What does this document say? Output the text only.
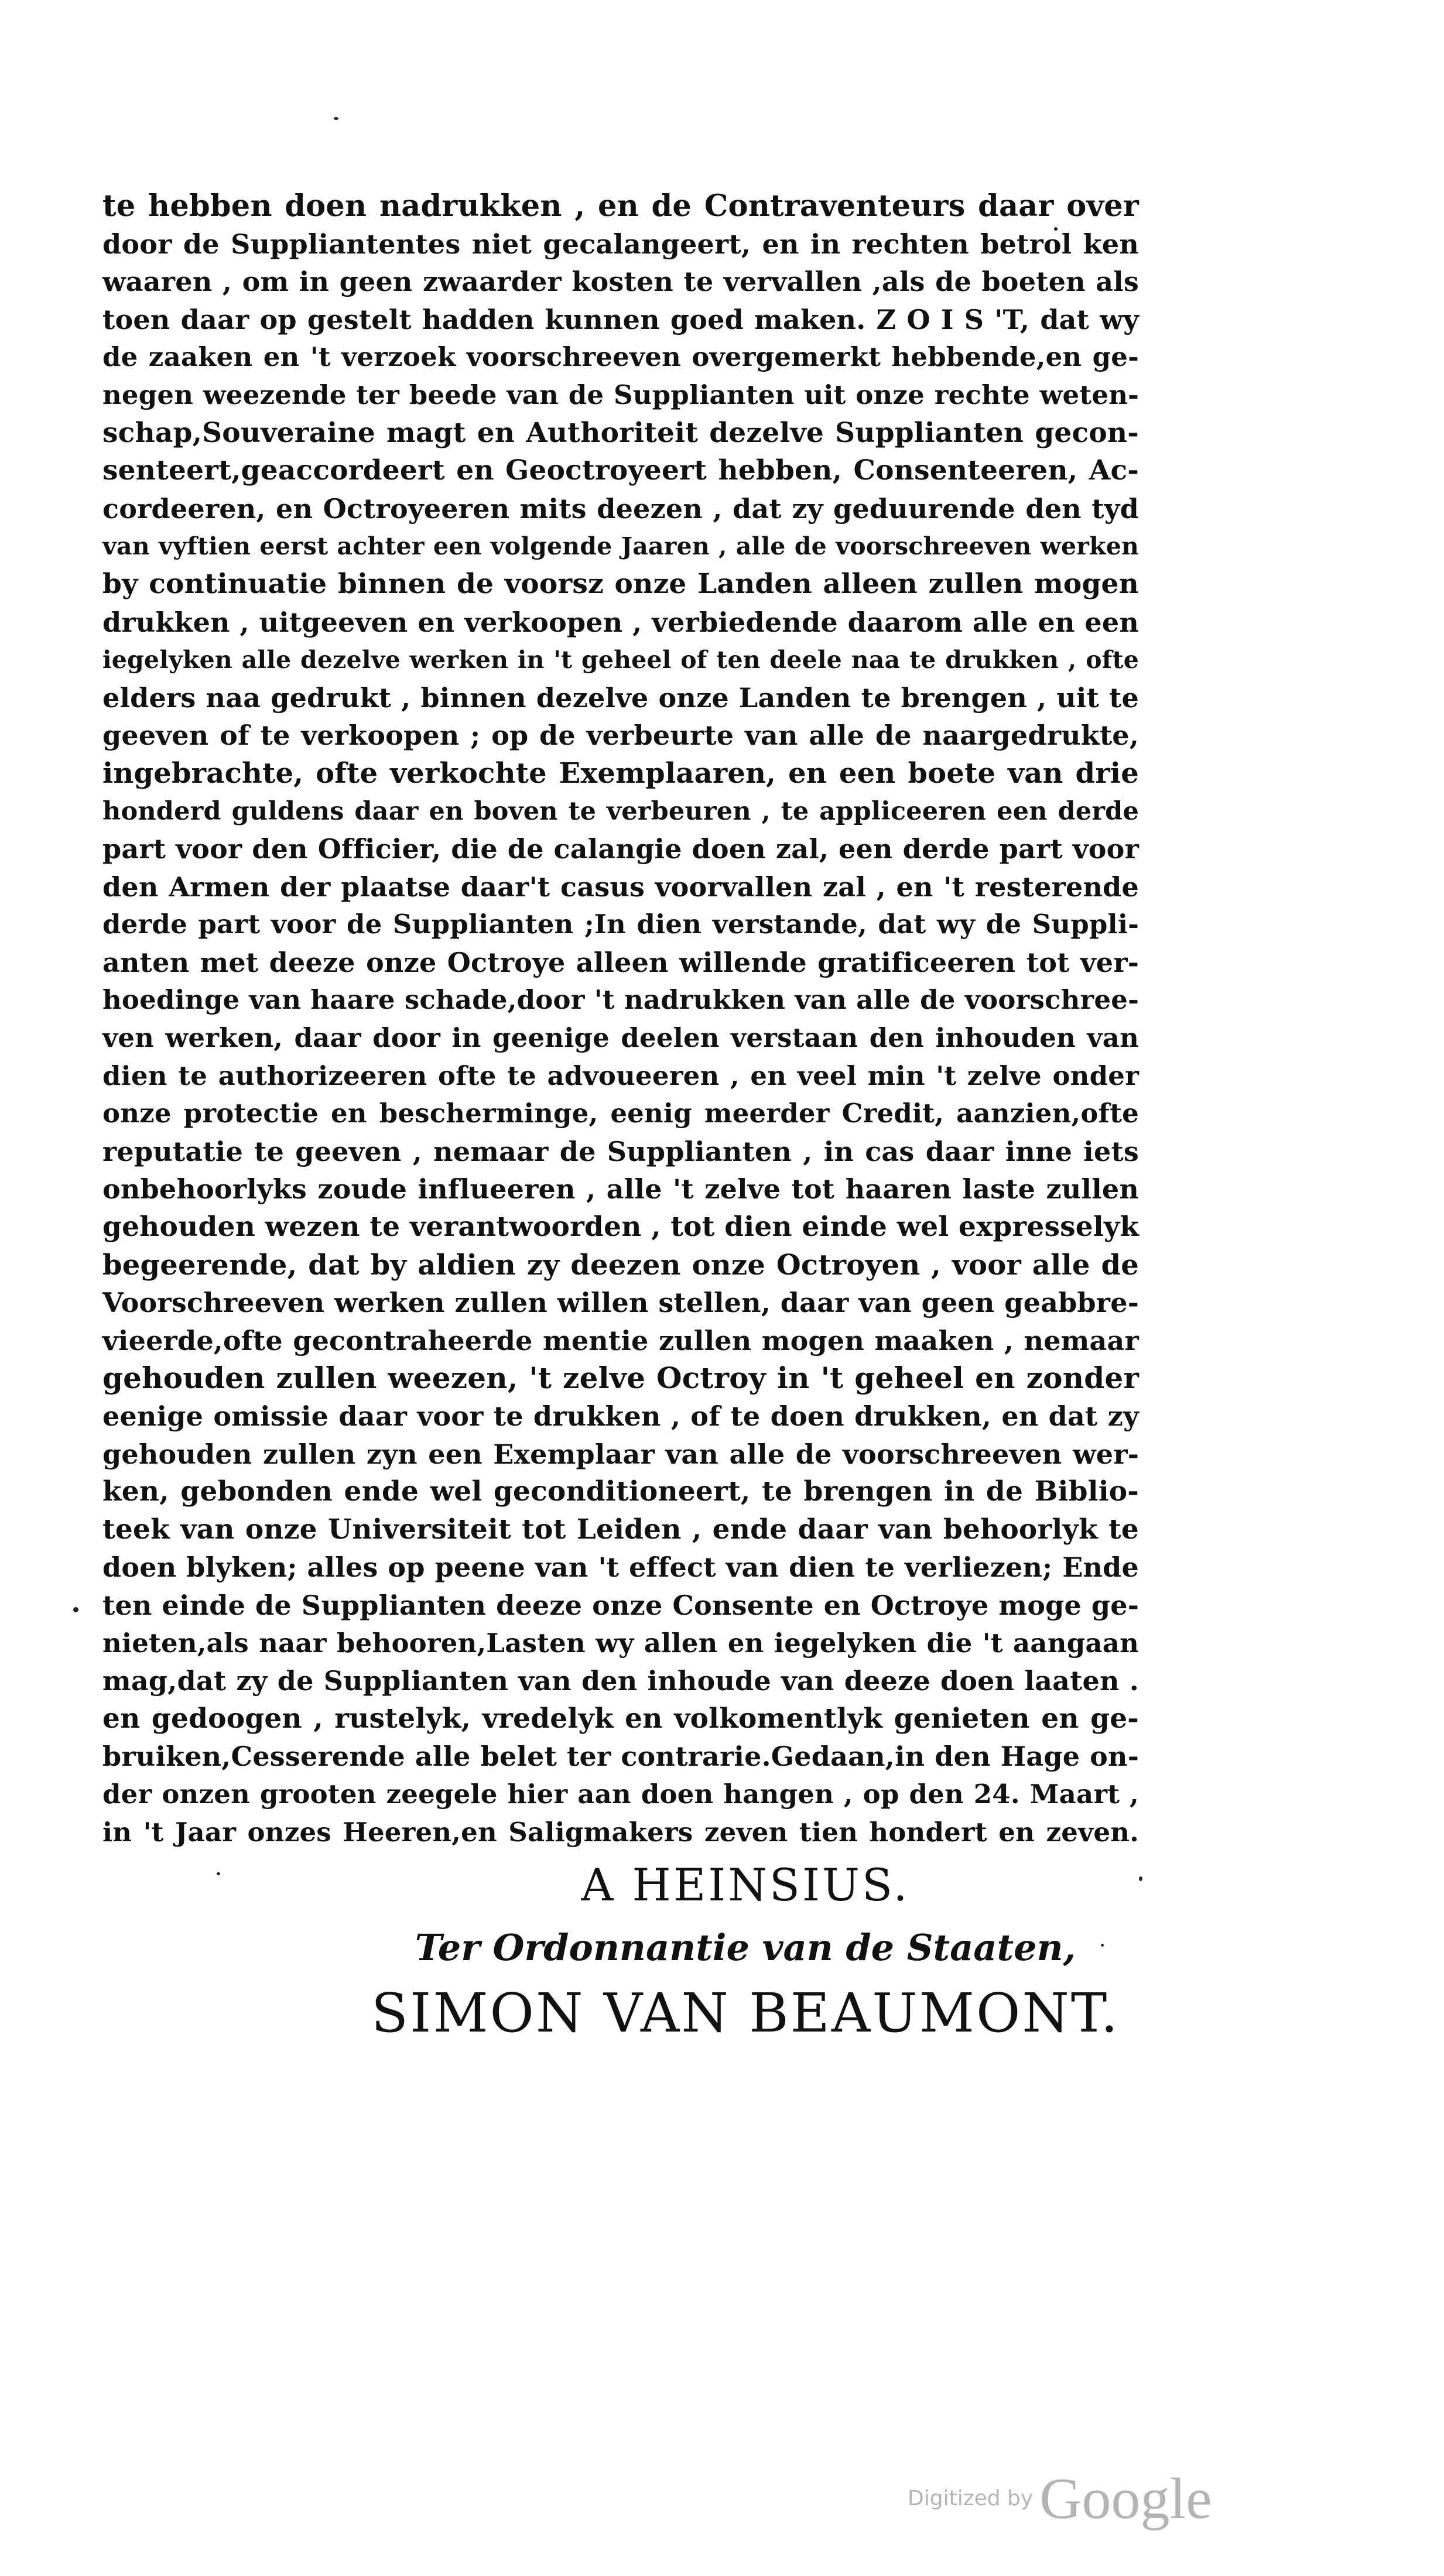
te hebben doen nadrukken , en de Contraventeurs daar over
door de Suppliantentes niet gecalangeert, en in rechten betrol ken
waaren , om in geen zwaarder kosten te vervallen ,als de boeten als
toen daar op gestelt hadden kunnen goed maken. Z O I S 'T, dat wy
de zaaken en 't verzoek voorschreeven overgemerkt hebbende,en ge-
negen weezende ter beede van de Supplianten uit onze rechte weten-
schap,Souveraine magt en Authoriteit dezelve Supplianten gecon-
senteert,geaccordeert en Geoctroyeert hebben, Consenteeren, Ac-
cordeeren, en Octroyeeren mits deezen , dat zy geduurende den tyd
van vyftien eerst achter een volgende Jaaren , alle de voorschreeven werken
by continuatie binnen de voorsz onze Landen alleen zullen mogen
drukken , uitgeeven en verkoopen , verbiedende daarom alle en een
iegelyken alle dezelve werken in 't geheel of ten deele naa te drukken , ofte
elders naa gedrukt , binnen dezelve onze Landen te brengen , uit te
geeven of te verkoopen ; op de verbeurte van alle de naargedrukte,
ingebrachte, ofte verkochte Exemplaaren, en een boete van drie
honderd guldens daar en boven te verbeuren , te appliceeren een derde
part voor den Officier, die de calangie doen zal, een derde part voor
den Armen der plaatse daar't casus voorvallen zal , en 't resterende
derde part voor de Supplianten ;In dien verstande, dat wy de Suppli-
anten met deeze onze Octroye alleen willende gratificeeren tot ver-
hoedinge van haare schade,door 't nadrukken van alle de voorschree-
ven werken, daar door in geenige deelen verstaan den inhouden van
dien te authorizeeren ofte te advoueeren , en veel min 't zelve onder
onze protectie en bescherminge, eenig meerder Credit, aanzien,ofte
reputatie te geeven , nemaar de Supplianten , in cas daar inne iets
onbehoorlyks zoude influeeren , alle 't zelve tot haaren laste zullen
gehouden wezen te verantwoorden , tot dien einde wel expresselyk
begeerende, dat by aldien zy deezen onze Octroyen , voor alle de
Voorschreeven werken zullen willen stellen, daar van geen geabbre-
vieerde,ofte gecontraheerde mentie zullen mogen maaken , nemaar
gehouden zullen weezen, 't zelve Octroy in 't geheel en zonder
eenige omissie daar voor te drukken , of te doen drukken, en dat zy
gehouden zullen zyn een Exemplaar van alle de voorschreeven wer-
ken, gebonden ende wel geconditioneert, te brengen in de Biblio-
teek van onze Universiteit tot Leiden , ende daar van behoorlyk te
doen blyken; alles op peene van 't effect van dien te verliezen; Ende
ten einde de Supplianten deeze onze Consente en Octroye moge ge-
nieten,als naar behooren,Lasten wy allen en iegelyken die 't aangaan
mag,dat zy de Supplianten van den inhoude van deeze doen laaten .
en gedoogen , rustelyk, vredelyk en volkomentlyk genieten en ge-
bruiken,Cesserende alle belet ter contrarie.Gedaan,in den Hage on-
der onzen grooten zeegele hier aan doen hangen , op den 24. Maart ,
in 't Jaar onzes Heeren,en Saligmakers zeven tien hondert en zeven.
A HEINSIUS.
Ter Ordonnantie van de Staaten,
SIMON VAN BEAUMONT.
Digitized by Google
